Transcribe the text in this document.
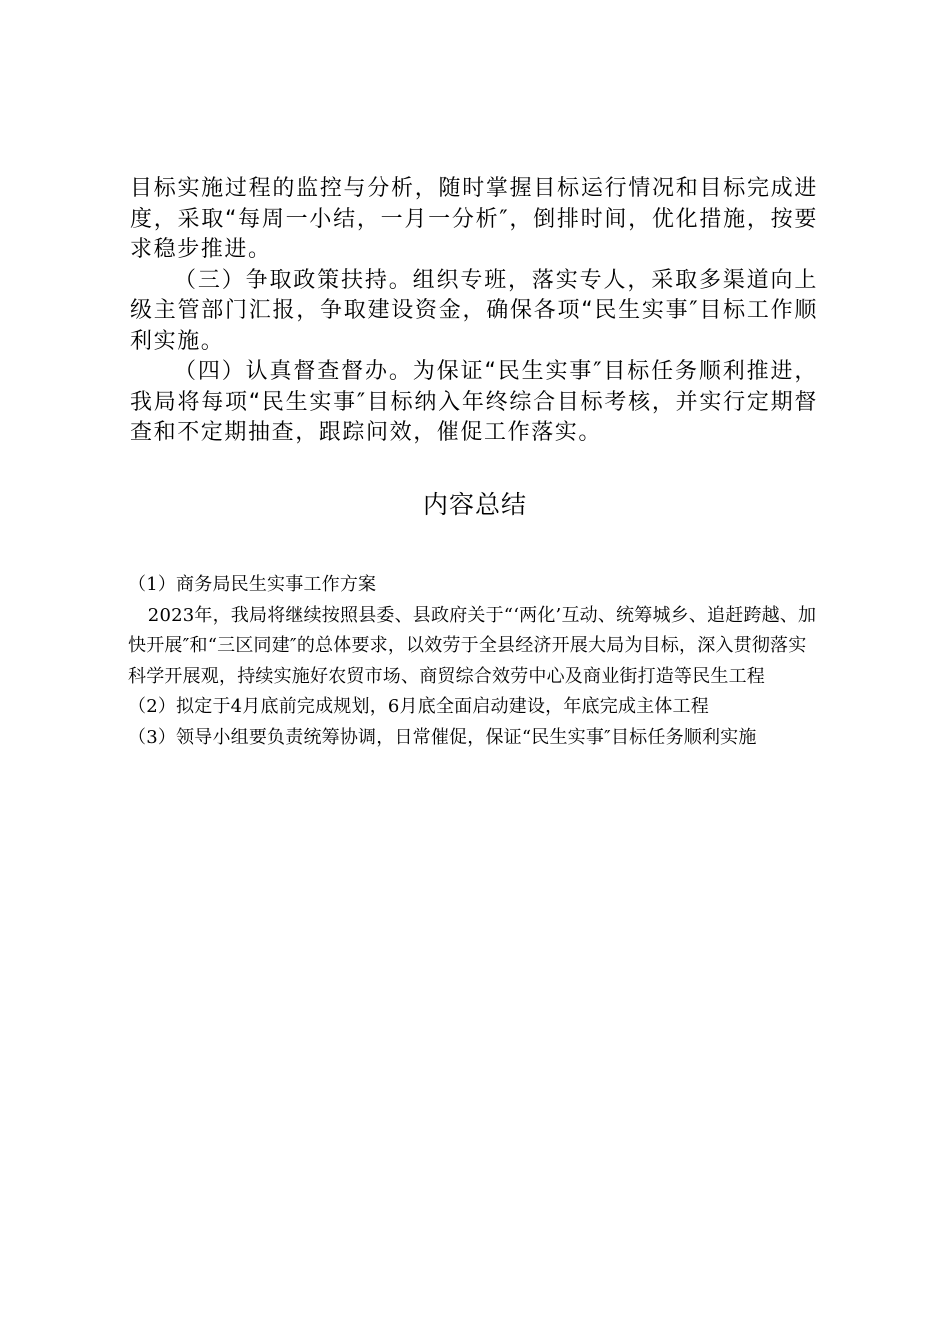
目标实施过程的监控与分析，随时掌握目标运行情况和目标完成进度，采取“每周一小结，一月一分析″，倒排时间，优化措施，按要求稳步推进。

（三）争取政策扶持。组织专班，落实专人，采取多渠道向上级主管部门汇报，争取建设资金，确保各项“民生实事″目标工作顺利实施。

（四）认真督查督办。为保证“民生实事″目标任务顺利推进，我局将每项“民生实事″目标纳入年终综合目标考核，并实行定期督查和不定期抽查，跟踪问效，催促工作落实。

内容总结

（1）商务局民生实事工作方案

2023年，我局将继续按照县委、县政府关于“‘两化’互动、统筹城乡、追赶跨越、加快开展″和“三区同建″的总体要求，以效劳于全县经济开展大局为目标，深入贯彻落实科学开展观，持续实施好农贸市场、商贸综合效劳中心及商业街打造等民生工程

（2）拟定于4月底前完成规划，6月底全面启动建设，年底完成主体工程

（3）领导小组要负责统筹协调，日常催促，保证“民生实事″目标任务顺利实施
